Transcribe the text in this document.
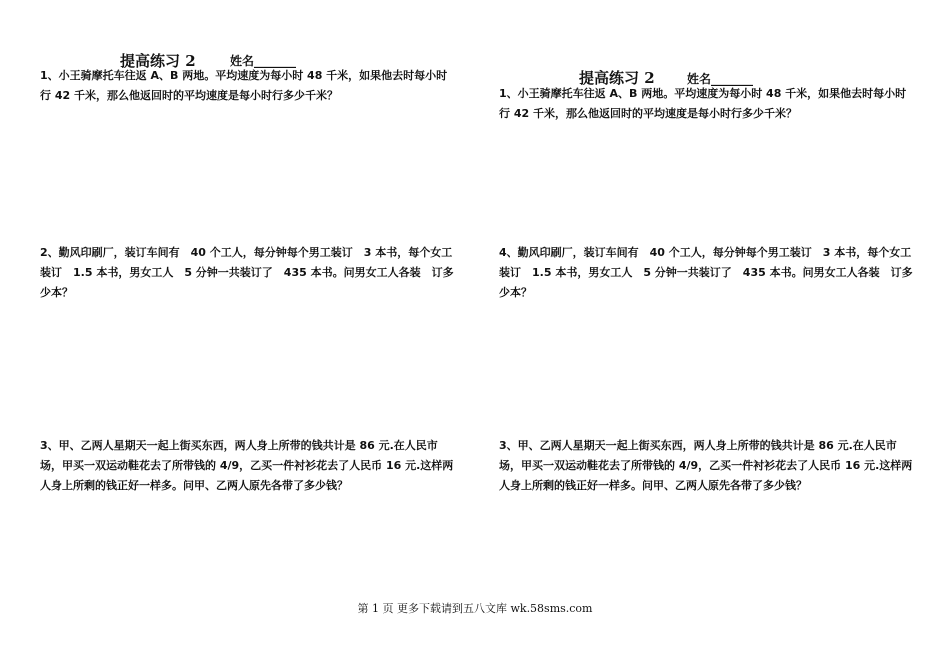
提高练习 2	姓名_______

1、小王骑摩托车往返 A、B 两地。平均速度为每小时 48 千米，如果他去时每小时行 42 千米，那么他返回时的平均速度是每小时行多少千米？

2、勤风印刷厂，装订车间有　40 个工人，每分钟每个男工装订　3 本书，每个女工装订　1.5 本书，男女工人　5 分钟一共装订了　435 本书。问男女工人各装　订多少本？

3、甲、乙两人星期天一起上街买东西，两人身上所带的钱共计是 86 元.在人民市场，甲买一双运动鞋花去了所带钱的 4/9，乙买一件衬衫花去了人民币 16 元.这样两人身上所剩的钱正好一样多。问甲、乙两人原先各带了多少钱？

提高练习 2	姓名_______

1、小王骑摩托车往返 A、B 两地。平均速度为每小时 48 千米，如果他去时每小时行 42 千米，那么他返回时的平均速度是每小时行多少千米？

4、勤风印刷厂，装订车间有　40 个工人，每分钟每个男工装订　3 本书，每个女工装订　1.5 本书，男女工人　5 分钟一共装订了　435 本书。问男女工人各装　订多少本？

3、甲、乙两人星期天一起上街买东西，两人身上所带的钱共计是 86 元.在人民市场，甲买一双运动鞋花去了所带钱的 4/9，乙买一件衬衫花去了人民币 16 元.这样两人身上所剩的钱正好一样多。问甲、乙两人原先各带了多少钱？

第 1 页 更多下载请到五八文库 wk.58sms.com
